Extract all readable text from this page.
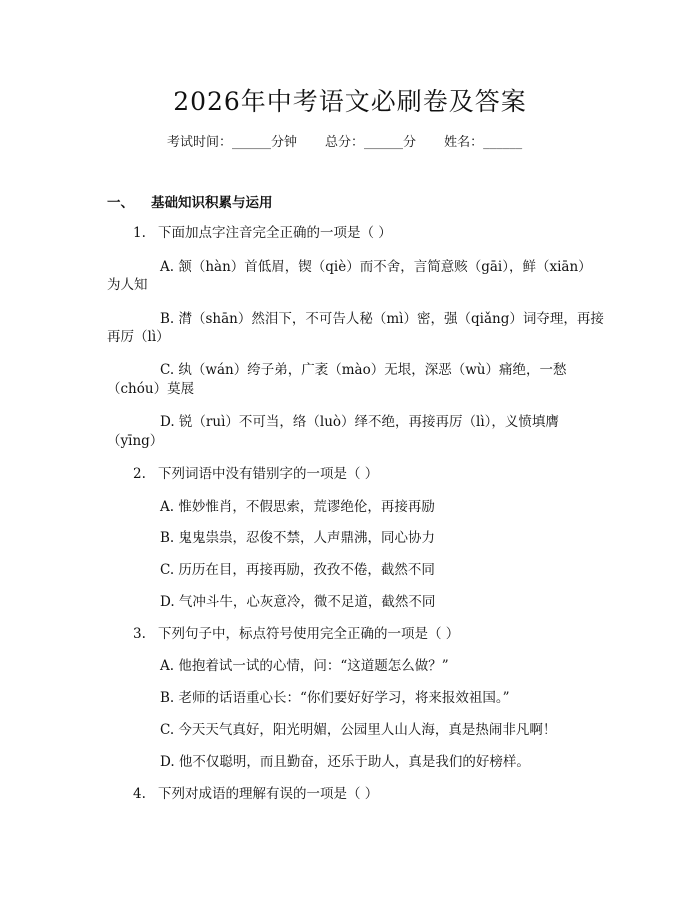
2026年中考语文必刷卷及答案
考试时间：______分钟 总分：______分 姓名：______
一、 基础知识积累与运用
1. 下面加点字注音完全正确的一项是（ ）
A. 颔（hàn）首低眉，锲（qiè）而不舍，言简意赅（gāi），鲜（xiān）
为人知
B. 潸（shān）然泪下，不可告人秘（mì）密，强（qiǎng）词夺理，再接
再厉（lì）
C. 纨（wán）绔子弟，广袤（mào）无垠，深恶（wù）痛绝，一愁
（chóu）莫展
D. 锐（ruì）不可当，络（luò）绎不绝，再接再厉（lì），义愤填膺
（yīng）
2. 下列词语中没有错别字的一项是（ ）
A. 惟妙惟肖，不假思索，荒谬绝伦，再接再励
B. 鬼鬼祟祟，忍俊不禁，人声鼎沸，同心协力
C. 历历在目，再接再励，孜孜不倦，截然不同
D. 气冲斗牛，心灰意冷，微不足道，截然不同
3. 下列句子中，标点符号使用完全正确的一项是（ ）
A. 他抱着试一试的心情，问：“这道题怎么做？”
B. 老师的话语重心长：“你们要好好学习，将来报效祖国。”
C. 今天天气真好，阳光明媚，公园里人山人海，真是热闹非凡啊！
D. 他不仅聪明，而且勤奋，还乐于助人，真是我们的好榜样。
4. 下列对成语的理解有误的一项是（ ）
